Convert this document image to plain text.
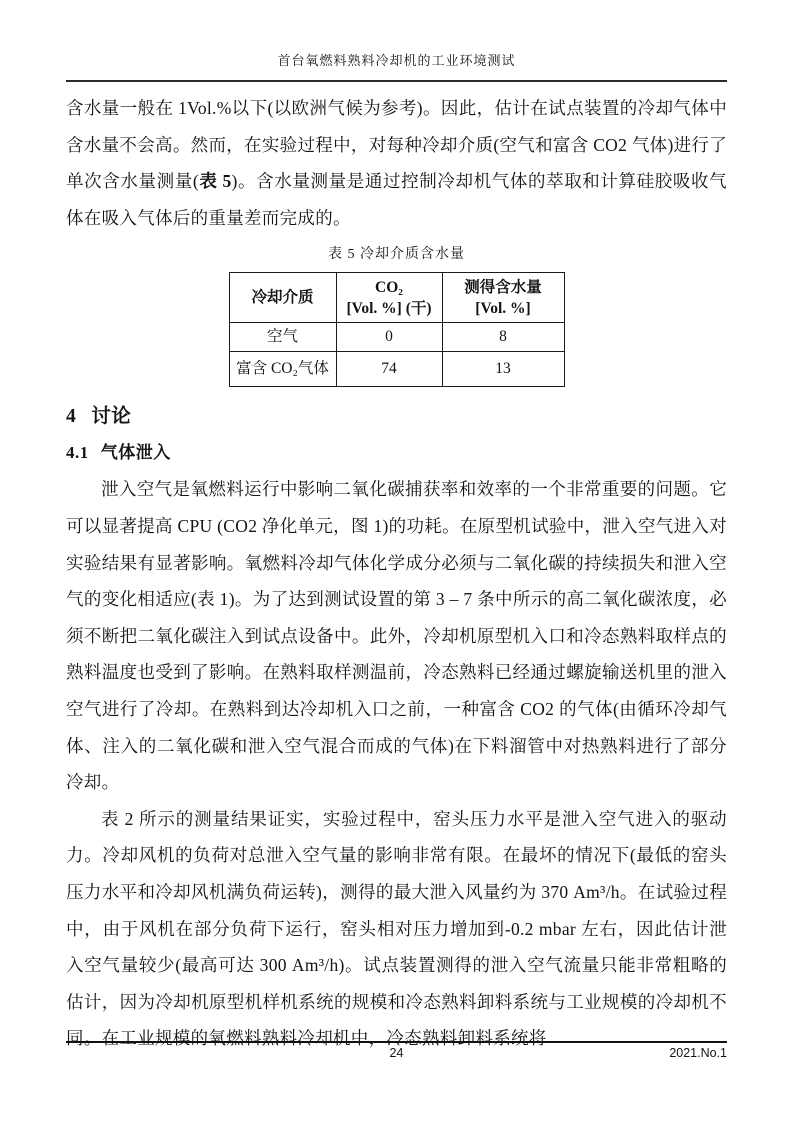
首台氧燃料熟料冷却机的工业环境测试

含水量一般在 1Vol.%以下(以欧洲气候为参考)。因此，估计在试点装置的冷却气体中含水量不会高。然而，在实验过程中，对每种冷却介质(空气和富含 CO2 气体)进行了单次含水量测量(表 5)。含水量测量是通过控制冷却机气体的萃取和计算硅胶吸收气体在吸入气体后的重量差而完成的。

表 5 冷却介质含水量
冷却介质

CO₂
[Vol. %] (干)

测得含水量
[Vol. %]

空气	0	8
富含 CO₂气体	74	13
4 讨论
4.1 气体泄入

泄入空气是氧燃料运行中影响二氧化碳捕获率和效率的一个非常重要的问题。它可以显著提高 CPU (CO2 净化单元，图 1)的功耗。在原型机试验中，泄入空气进入对实验结果有显著影响。氧燃料冷却气体化学成分必须与二氧化碳的持续损失和泄入空气的变化相适应(表 1)。为了达到测试设置的第 3 – 7 条中所示的高二氧化碳浓度，必须不断把二氧化碳注入到试点设备中。此外，冷却机原型机入口和冷态熟料取样点的熟料温度也受到了影响。在熟料取样测温前，冷态熟料已经通过螺旋输送机里的泄入空气进行了冷却。在熟料到达冷却机入口之前，一种富含 CO2 的气体(由循环冷却气体、注入的二氧化碳和泄入空气混合而成的气体)在下料溜管中对热熟料进行了部分冷却。

表 2 所示的测量结果证实，实验过程中，窑头压力水平是泄入空气进入的驱动力。冷却风机的负荷对总泄入空气量的影响非常有限。在最坏的情况下(最低的窑头压力水平和冷却风机满负荷运转)，测得的最大泄入风量约为 370 Am³/h。在试验过程中，由于风机在部分负荷下运行，窑头相对压力增加到-0.2 mbar 左右，因此估计泄入空气量较少(最高可达 300 Am³/h)。试点装置测得的泄入空气流量只能非常粗略的估计，因为冷却机原型机样机系统的规模和冷态熟料卸料系统与工业规模的冷却机不同。在工业规模的氧燃料熟料冷却机中，冷态熟料卸料系统将

24	2021.No.1
